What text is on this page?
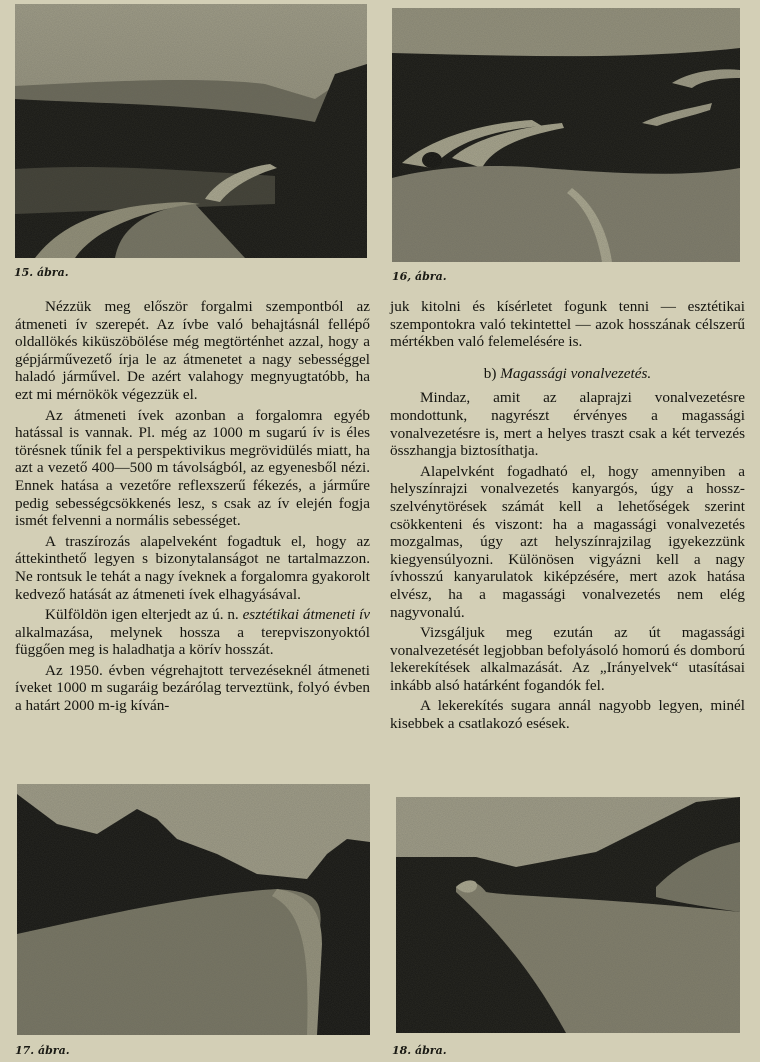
15. ábra.	16, ábra.

Nézzük meg először forgalmi szempontból az átmeneti ív szerepét. Az ívbe való behajtásnál fellépő oldallökés kiküszöbölése még megtörténhet azzal, hogy a gépjárművezető írja le az átmenetet a nagy sebességgel haladó járművel. De azért valahogy megnyugtatóbb, ha ezt mi mérnökök végezzük el.

Az átmeneti ívek azonban a forgalomra egyéb hatással is vannak. Pl. még az 1000 m sugarú ív is éles törésnek tűnik fel a perspektivikus megrövidülés miatt, ha azt a vezető 400—500 m távolságból, az egyenesből nézi. Ennek hatása a vezetőre reflexszerű fékezés, a járműre pedig sebességcsökkenés lesz, s csak az ív elején fogja ismét felvenni a normális sebességet.

A traszírozás alapelveként fogadtuk el, hogy az áttekinthető legyen s bizonytalanságot ne tartalmazzon. Ne rontsuk le tehát a nagy íveknek a forgalomra gyakorolt kedvező hatását az átmeneti ívek elhagyásával.

Külföldön igen elterjedt az ú. n. esztétikai átmeneti ív alkalmazása, melynek hossza a terepviszonyoktól függően meg is haladhatja a körív hosszát.

Az 1950. évben végrehajtott tervezéseknél átmeneti íveket 1000 m sugaráig bezárólag terveztünk, folyó évben a határt 2000 m-ig kíván-

juk kitolni és kísérletet fogunk tenni — esztétikai szempontokra való tekintettel — azok hosszának célszerű mértékben való felemelésére is.

b) Magassági vonalvezetés.

Mindaz, amit az alaprajzi vonalvezetésre mondottunk, nagyrészt érvényes a magassági vonalvezetésre is, mert a helyes traszt csak a két tervezés összhangja biztosíthatja.

Alapelvként fogadható el, hogy amennyiben a helyszínrajzi vonalvezetés kanyargós, úgy a hossz-szelvénytörések számát kell a lehetőségek szerint csökkenteni és viszont: ha a magassági vonalvezetés mozgalmas, úgy azt helyszínrajzilag igyekezzünk kiegyensúlyozni. Különösen vigyázni kell a nagy ívhosszú kanyarulatok kiképzésére, mert azok hatása elvész, ha a magassági vonalvezetés nem elég nagyvonalú.

Vizsgáljuk meg ezután az út magassági vonalvezetését legjobban befolyásoló homorú és domború lekerekítések alkalmazását. Az „Irányelvek“ utasításai inkább alsó határként fogandók fel.

A lekerekítés sugara annál nagyobb legyen, minél kisebbek a csatlakozó esések.

17. ábra.	18. ábra.
